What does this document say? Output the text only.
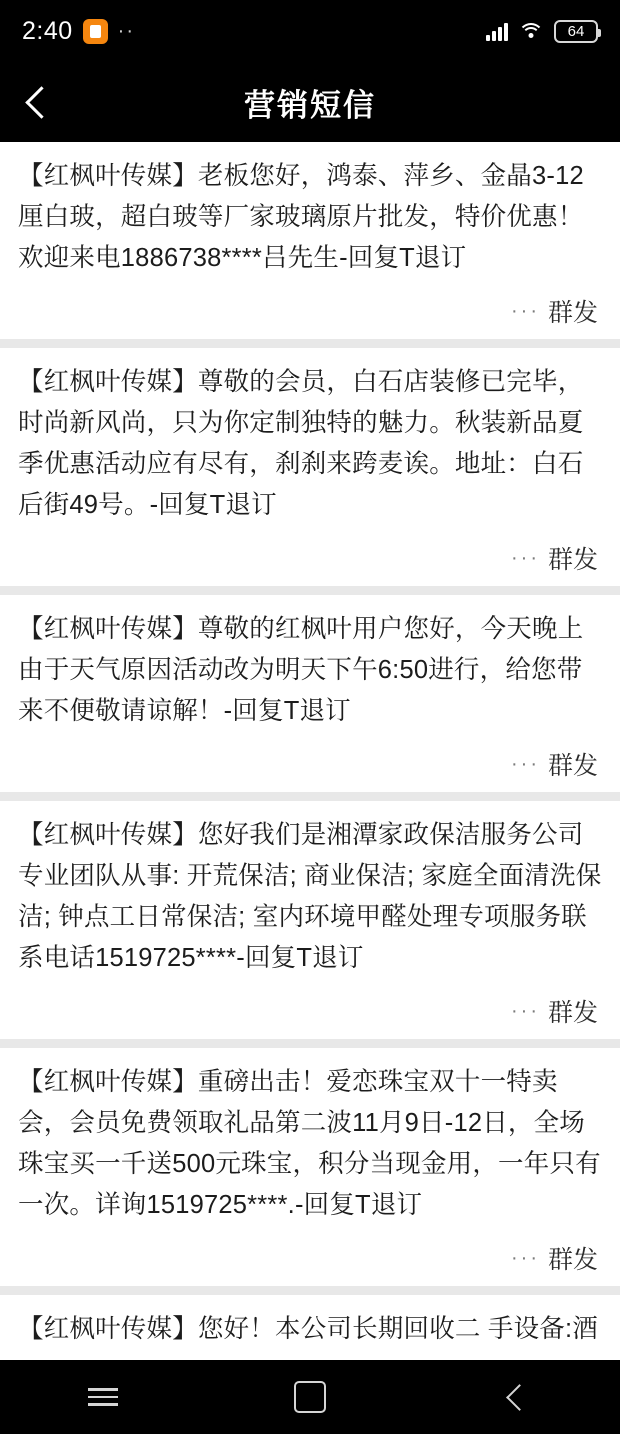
2:40 ··	64
营销短信
【红枫叶传媒】老板您好，鸿泰、萍乡、金晶3-12厘白玻，超白玻等厂家玻璃原片批发，特价优惠！欢迎来电1886738****吕先生-回复T退订
··· 群发
【红枫叶传媒】尊敬的会员，白石店装修已完毕，时尚新风尚，只为你定制独特的魅力。秋装新品夏季优惠活动应有尽有，刹刹来跨麦诶。地址：白石后街49号。-回复T退订
··· 群发
【红枫叶传媒】尊敬的红枫叶用户您好，今天晚上由于天气原因活动改为明天下午6:50进行，给您带来不便敬请谅解！-回复T退订
··· 群发
【红枫叶传媒】您好我们是湘潭家政保洁服务公司专业团队从事: 开荒保洁; 商业保洁; 家庭全面清洗保洁; 钟点工日常保洁; 室内环境甲醛处理专项服务联系电话1519725****-回复T退订
··· 群发
【红枫叶传媒】重磅出击！爱恋珠宝双十一特卖会，会员免费领取礼品第二波11月9日-12日，全场珠宝买一千送500元珠宝，积分当现金用，一年只有一次。详询1519725****.-回复T退订
··· 群发
【红枫叶传媒】您好！本公司长期回收二 手设备:酒
